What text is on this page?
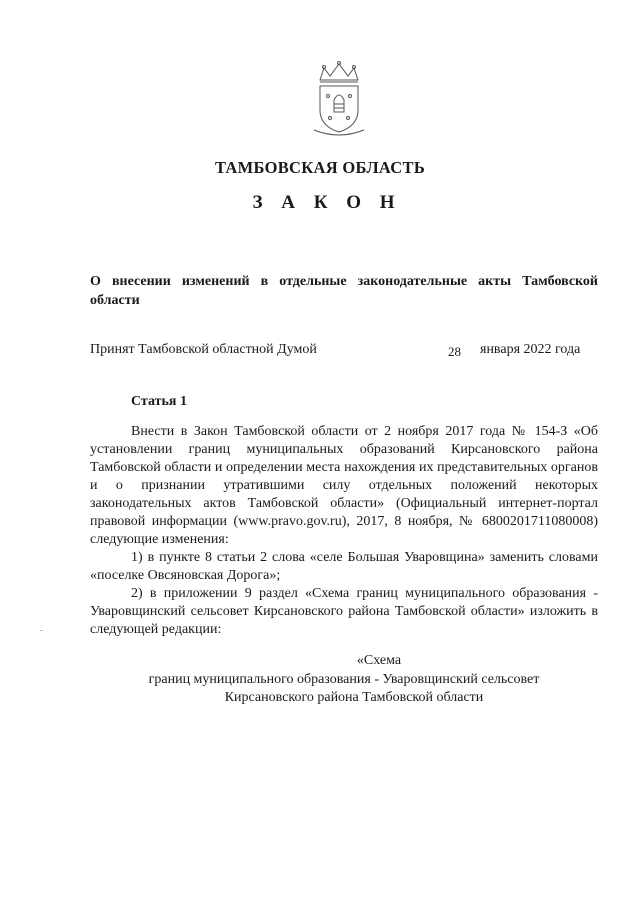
ТАМБОВСКАЯ ОБЛАСТЬ
З А К О Н
О внесении изменений в отдельные законодательные акты Тамбовской области
Принят Тамбовской областной Думой	28 января 2022 года
Статья 1

Внести в Закон Тамбовской области от 2 ноября 2017 года № 154-З «Об установлении границ муниципальных образований Кирсановского района Тамбовской области и определении места нахождения их представительных органов и о признании утратившими силу отдельных положений некоторых законодательных актов Тамбовской области» (Официальный интернет-портал правовой информации (www.pravo.gov.ru), 2017, 8 ноября, № 6800201711080008) следующие изменения:

1) в пункте 8 статьи 2 слова «селе Большая Уваровщина» заменить словами «поселке Овсяновская Дорога»;

2) в приложении 9 раздел «Схема границ муниципального образования - Уваровщинский сельсовет Кирсановского района Тамбовской области» изложить в следующей редакции:

«Схема
границ муниципального образования - Уваровщинский сельсовет
Кирсановского района Тамбовской области
